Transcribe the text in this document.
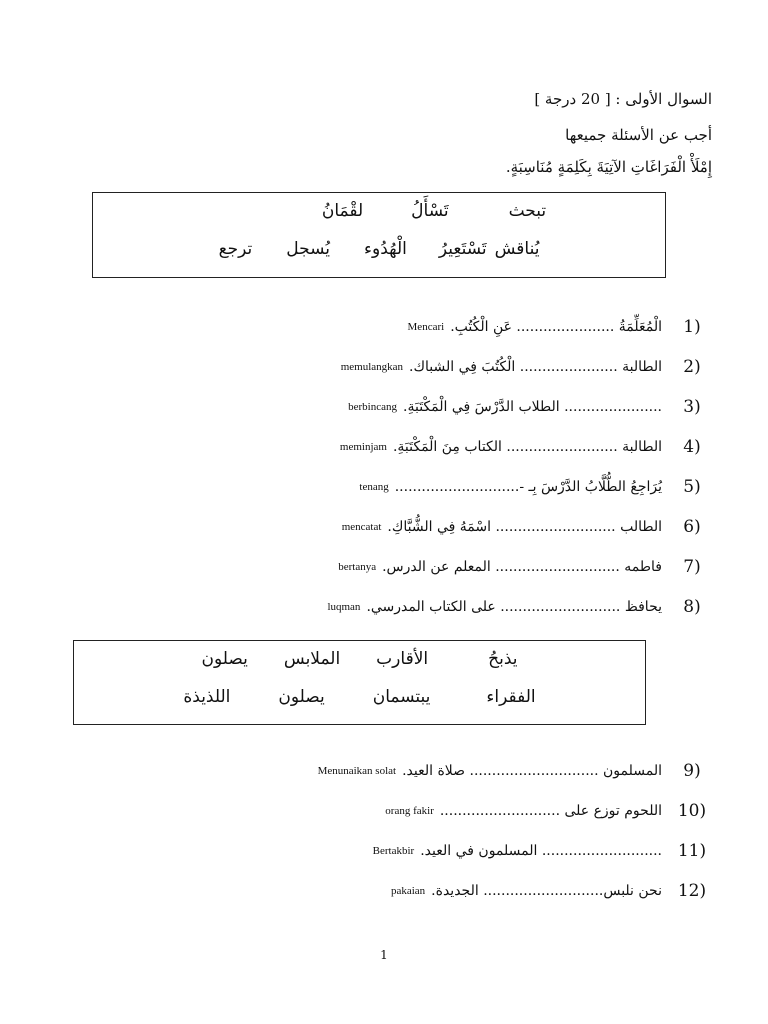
السوال الأولى : [ 20 درجة ]
أجب عن الأسئلة جميعها
إِمْلَأْ الْفَرَاغَاتِ الآتِيَةَ بِكَلِمَةٍ مُنَاسِبَةٍ.
تبحث
تَسْأَلُ
لقْمَانُ
يُناقش
تَسْتَعِيرُ
الْهُدُوء
يُسجل
ترجع
(1
الْمُعَلِّمَةُ ...................... عَنِ الْكُتُبِ.
Mencari
(2
الطالبة ...................... الْكُتُبَ فِي الشباك.
memulangkan
(3
...................... الطلاب الدَّرْسَ فِي الْمَكْتَبَةِ.
berbincang
(4
الطالبة ......................... الكتاب مِنَ الْمَكْتَبَةِ.
meminjam
(5
يُرَاجِعُ الطُّلَّابُ الدَّرْسَ بِـ -............................
tenang
(6
الطالب ........................... اسْمَهُ فِي الشُّبَّاكِ.
mencatat
(7
فاطمه ............................ المعلم عن الدرس.
bertanya
(8
يحافظ ........................... على الكتاب المدرسي.
luqman
يذبحُ
الأقارب
الملابس
يصلون
الفقراء
يبتسمان
يصلون
اللذيذة
(9
المسلمون ............................. صلاة العيد.
Menunaikan solat
(10
اللحوم توزع على ...........................
orang fakir
(11
........................... المسلمون في العيد.
Bertakbir
(12
نحن نلبس........................... الجديدة.
pakaian
1
